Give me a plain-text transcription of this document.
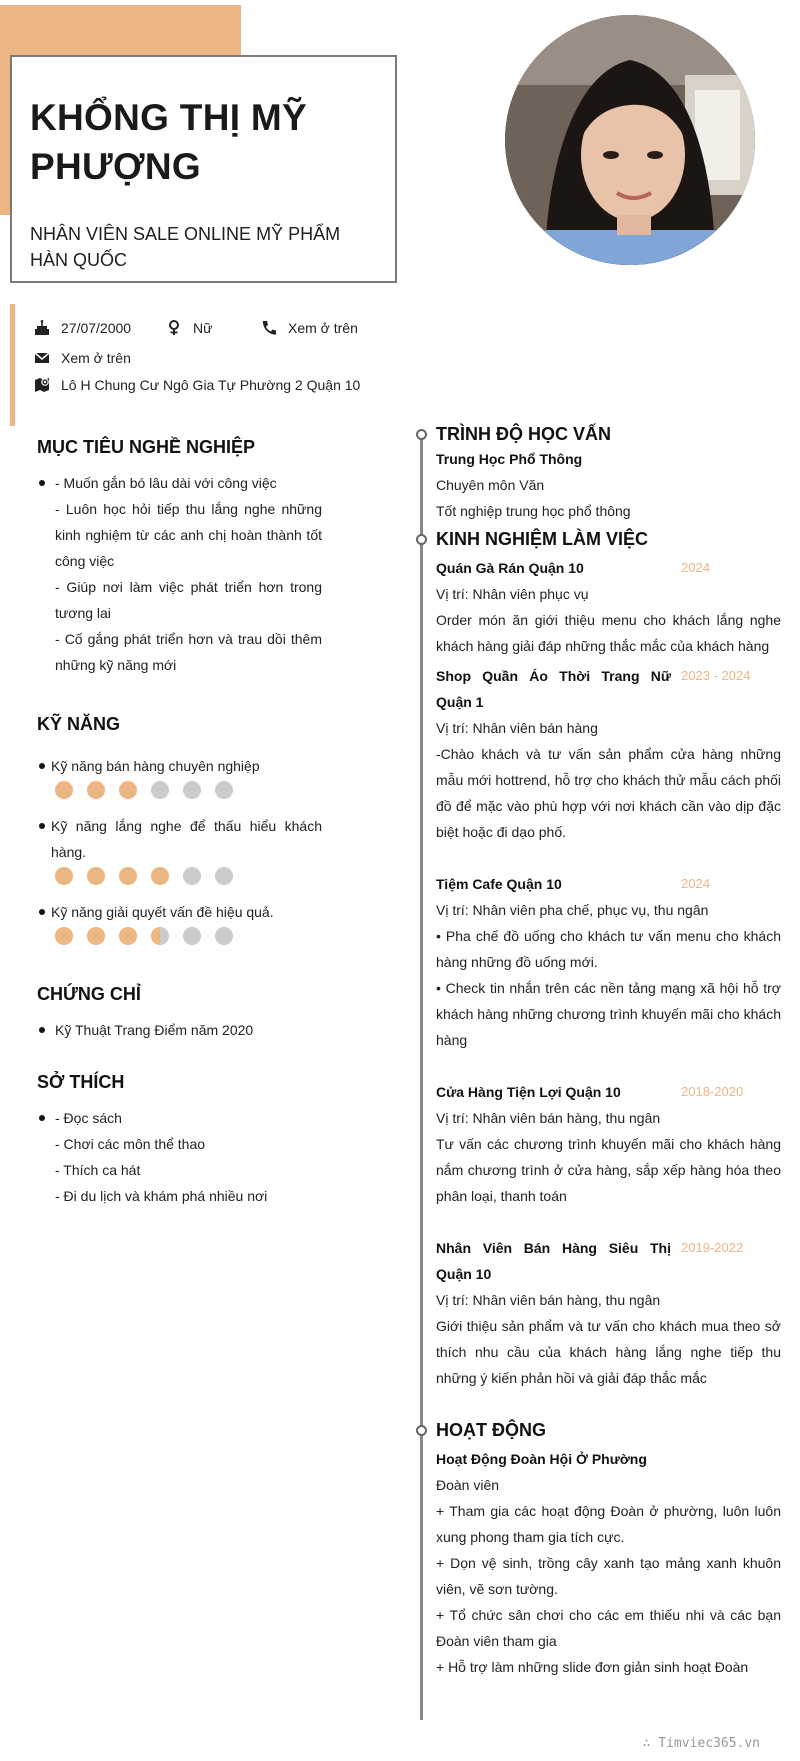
KHỔNG THỊ MỸ
PHƯỢNG
NHÂN VIÊN SALE ONLINE MỸ PHẨM
HÀN QUỐC
27/07/2000	Nữ	Xem ở trên
Xem ở trên
Lô H Chung Cư Ngô Gia Tự Phường 2 Quận 10
MỤC TIÊU NGHỀ NGHIỆP
- Muốn gắn bó lâu dài với công việc
- Luôn học hỏi tiếp thu lắng nghe những kinh nghiệm từ các anh chị hoàn thành tốt công việc
- Giúp nơi làm việc phát triển hơn trong tương lai
- Cố gắng phát triển hơn và trau dồi thêm những kỹ năng mới
KỸ NĂNG
Kỹ năng bán hàng chuyên nghiệp
Kỹ năng lắng nghe để thấu hiểu khách hàng.
Kỹ năng giải quyết vấn đề hiệu quả.
CHỨNG CHỈ
Kỹ Thuật Trang Điểm năm 2020
SỞ THÍCH
- Đọc sách
- Chơi các môn thể thao
- Thích ca hát
- Đi du lịch và khám phá nhiều nơi
TRÌNH ĐỘ HỌC VẤN
Trung Học Phổ Thông
Chuyên môn Văn
Tốt nghiệp trung học phổ thông
KINH NGHIỆM LÀM VIỆC
Quán Gà Rán Quận 10	2024
Vị trí: Nhân viên phục vụ
Order món ăn giới thiệu menu cho khách lắng nghe khách hàng giải đáp những thắc mắc của khách hàng
Shop Quần Áo Thời Trang Nữ Quận 1
2023 - 2024
Vị trí: Nhân viên bán hàng
-Chào khách và tư vấn sản phẩm cửa hàng những mẫu mới hottrend, hỗ trợ cho khách thử mẫu cách phối đồ để mặc vào phù hợp với nơi khách cần vào dịp đặc biệt hoặc đi dạo phố.
Tiệm Cafe Quận 10	2024
Vị trí: Nhân viên pha chế, phục vụ, thu ngân
• Pha chế đồ uống cho khách tư vấn menu cho khách hàng những đồ uống mới.
• Check tin nhắn trên các nền tảng mạng xã hội hỗ trợ khách hàng những chương trình khuyến mãi cho khách hàng
Cửa Hàng Tiện Lợi Quận 10	2018-2020
Vị trí: Nhân viên bán hàng, thu ngân
Tư vấn các chương trình khuyến mãi cho khách hàng nắm chương trình ở cửa hàng, sắp xếp hàng hóa theo phân loại, thanh toán
Nhân Viên Bán Hàng Siêu Thị Quận 10
2019-2022
Vị trí: Nhân viên bán hàng, thu ngân
Giới thiệu sản phẩm và tư vấn cho khách mua theo sở thích nhu cầu của khách hàng lắng nghe tiếp thu những ý kiến phản hồi và giải đáp thắc mắc
HOẠT ĐỘNG
Hoạt Động Đoàn Hội Ở Phường
Đoàn viên
+ Tham gia các hoạt động Đoàn ở phường, luôn luôn xung phong tham gia tích cực.
+ Dọn vệ sinh, trồng cây xanh tạo mảng xanh khuôn viên, vẽ sơn tường.
+ Tổ chức sân chơi cho các em thiếu nhi và các bạn Đoàn viên tham gia
+ Hỗ trợ làm những slide đơn giản sinh hoạt Đoàn
∴ Timviec365.vn
